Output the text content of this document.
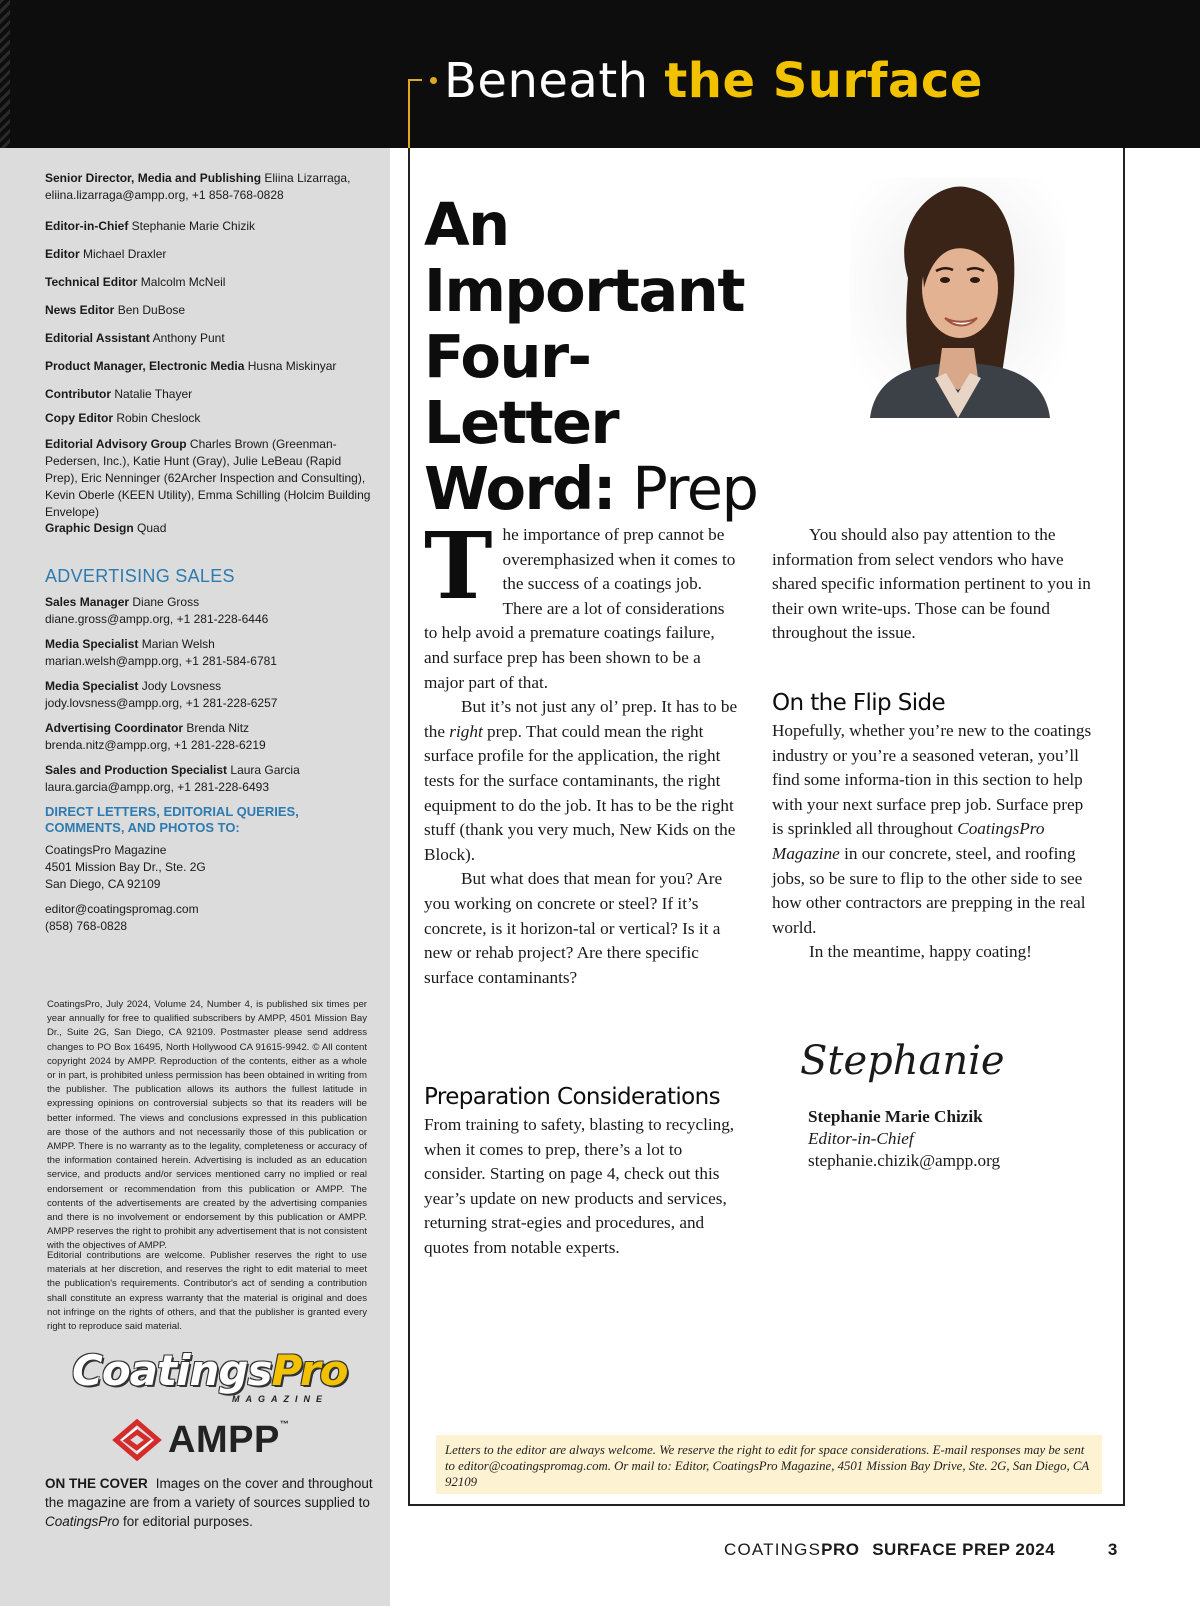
Beneath the Surface
Senior Director, Media and Publishing Eliina Lizarraga, eliina.lizarraga@ampp.org, +1 858-768-0828
Editor-in-Chief Stephanie Marie Chizik
Editor Michael Draxler
Technical Editor Malcolm McNeil
News Editor Ben DuBose
Editorial Assistant Anthony Punt
Product Manager, Electronic Media Husna Miskinyar
Contributor Natalie Thayer
Copy Editor Robin Cheslock
Editorial Advisory Group Charles Brown (Greenman-Pedersen, Inc.), Katie Hunt (Gray), Julie LeBeau (Rapid Prep), Eric Nenninger (62Archer Inspection and Consulting), Kevin Oberle (KEEN Utility), Emma Schilling (Holcim Building Envelope)
Graphic Design Quad
ADVERTISING SALES
Sales Manager Diane Gross
diane.gross@ampp.org, +1 281-228-6446
Media Specialist Marian Welsh
marian.welsh@ampp.org, +1 281-584-6781
Media Specialist Jody Lovsness
jody.lovsness@ampp.org, +1 281-228-6257
Advertising Coordinator Brenda Nitz
brenda.nitz@ampp.org, +1 281-228-6219
Sales and Production Specialist Laura Garcia
laura.garcia@ampp.org, +1 281-228-6493
DIRECT LETTERS, EDITORIAL QUERIES, COMMENTS, AND PHOTOS TO:
CoatingsPro Magazine
4501 Mission Bay Dr., Ste. 2G
San Diego, CA 92109
editor@coatingspromag.com
(858) 768-0828
CoatingsPro, July 2024, Volume 24, Number 4, is published six times per year annually for free to qualified subscribers by AMPP, 4501 Mission Bay Dr., Suite 2G, San Diego, CA 92109. Postmaster please send address changes to PO Box 16495, North Hollywood CA 91615-9942. © All content copyright 2024 by AMPP. Reproduction of the contents, either as a whole or in part, is prohibited unless permission has been obtained in writing from the publisher. The publication allows its authors the fullest latitude in expressing opinions on controversial subjects so that its readers will be better informed. The views and conclusions expressed in this publication are those of the authors and not necessarily those of this publication or AMPP. There is no warranty as to the legality, completeness or accuracy of the information contained herein. Advertising is included as an education service, and products and/or services mentioned carry no implied or real endorsement or recommendation from this publication or AMPP. The contents of the advertisements are created by the advertising companies and there is no involvement or endorsement by this publication or AMPP. AMPP reserves the right to prohibit any advertisement that is not consistent with the objectives of AMPP.
Editorial contributions are welcome. Publisher reserves the right to use materials at her discretion, and reserves the right to edit material to meet the publication's requirements. Contributor's act of sending a contribution shall constitute an express warranty that the material is original and does not infringe on the rights of others, and that the publisher is granted every right to reproduce said material.
CoatingsPro
MAGAZINE
AMPP™
ON THE COVER Images on the cover and throughout the magazine are from a variety of sources supplied to CoatingsPro for editorial purposes.
An
Important
Four-Letter
Word: Prep

The importance of prep cannot be overemphasized when it comes to the success of a coatings job. There are a lot of considerations to help avoid a premature coatings failure, and surface prep has been shown to be a major part of that.

But it’s not just any ol’ prep. It has to be the right prep. That could mean the right surface profile for the application, the right tests for the surface contaminants, the right equipment to do the job. It has to be the right stuff (thank you very much, New Kids on the Block).

But what does that mean for you? Are you working on concrete or steel? If it’s concrete, is it horizon-tal or vertical? Is it a new or rehab project? Are there specific surface contaminants?

Preparation Considerations

From training to safety, blasting to recycling, when it comes to prep, there’s a lot to consider. Starting on page 4, check out this year’s update on new products and services, returning strat-egies and procedures, and quotes from notable experts.

You should also pay attention to the information from select vendors who have shared specific information pertinent to you in their own write-ups. Those can be found throughout the issue.

On the Flip Side

Hopefully, whether you’re new to the coatings industry or you’re a seasoned veteran, you’ll find some informa-tion in this section to help with your next surface prep job. Surface prep is sprinkled all throughout CoatingsPro Magazine in our concrete, steel, and roofing jobs, so be sure to flip to the other side to see how other contractors are prepping in the real world.

In the meantime, happy coating!

Stephanie
Stephanie Marie Chizik
Editor-in-Chief
stephanie.chizik@ampp.org
Letters to the editor are always welcome. We reserve the right to edit for space considerations. E-mail responses may be sent to editor@coatingspromag.com. Or mail to: Editor, CoatingsPro Magazine, 4501 Mission Bay Drive, Ste. 2G, San Diego, CA 92109
COATINGSPRO SURFACE PREP 2024	3
